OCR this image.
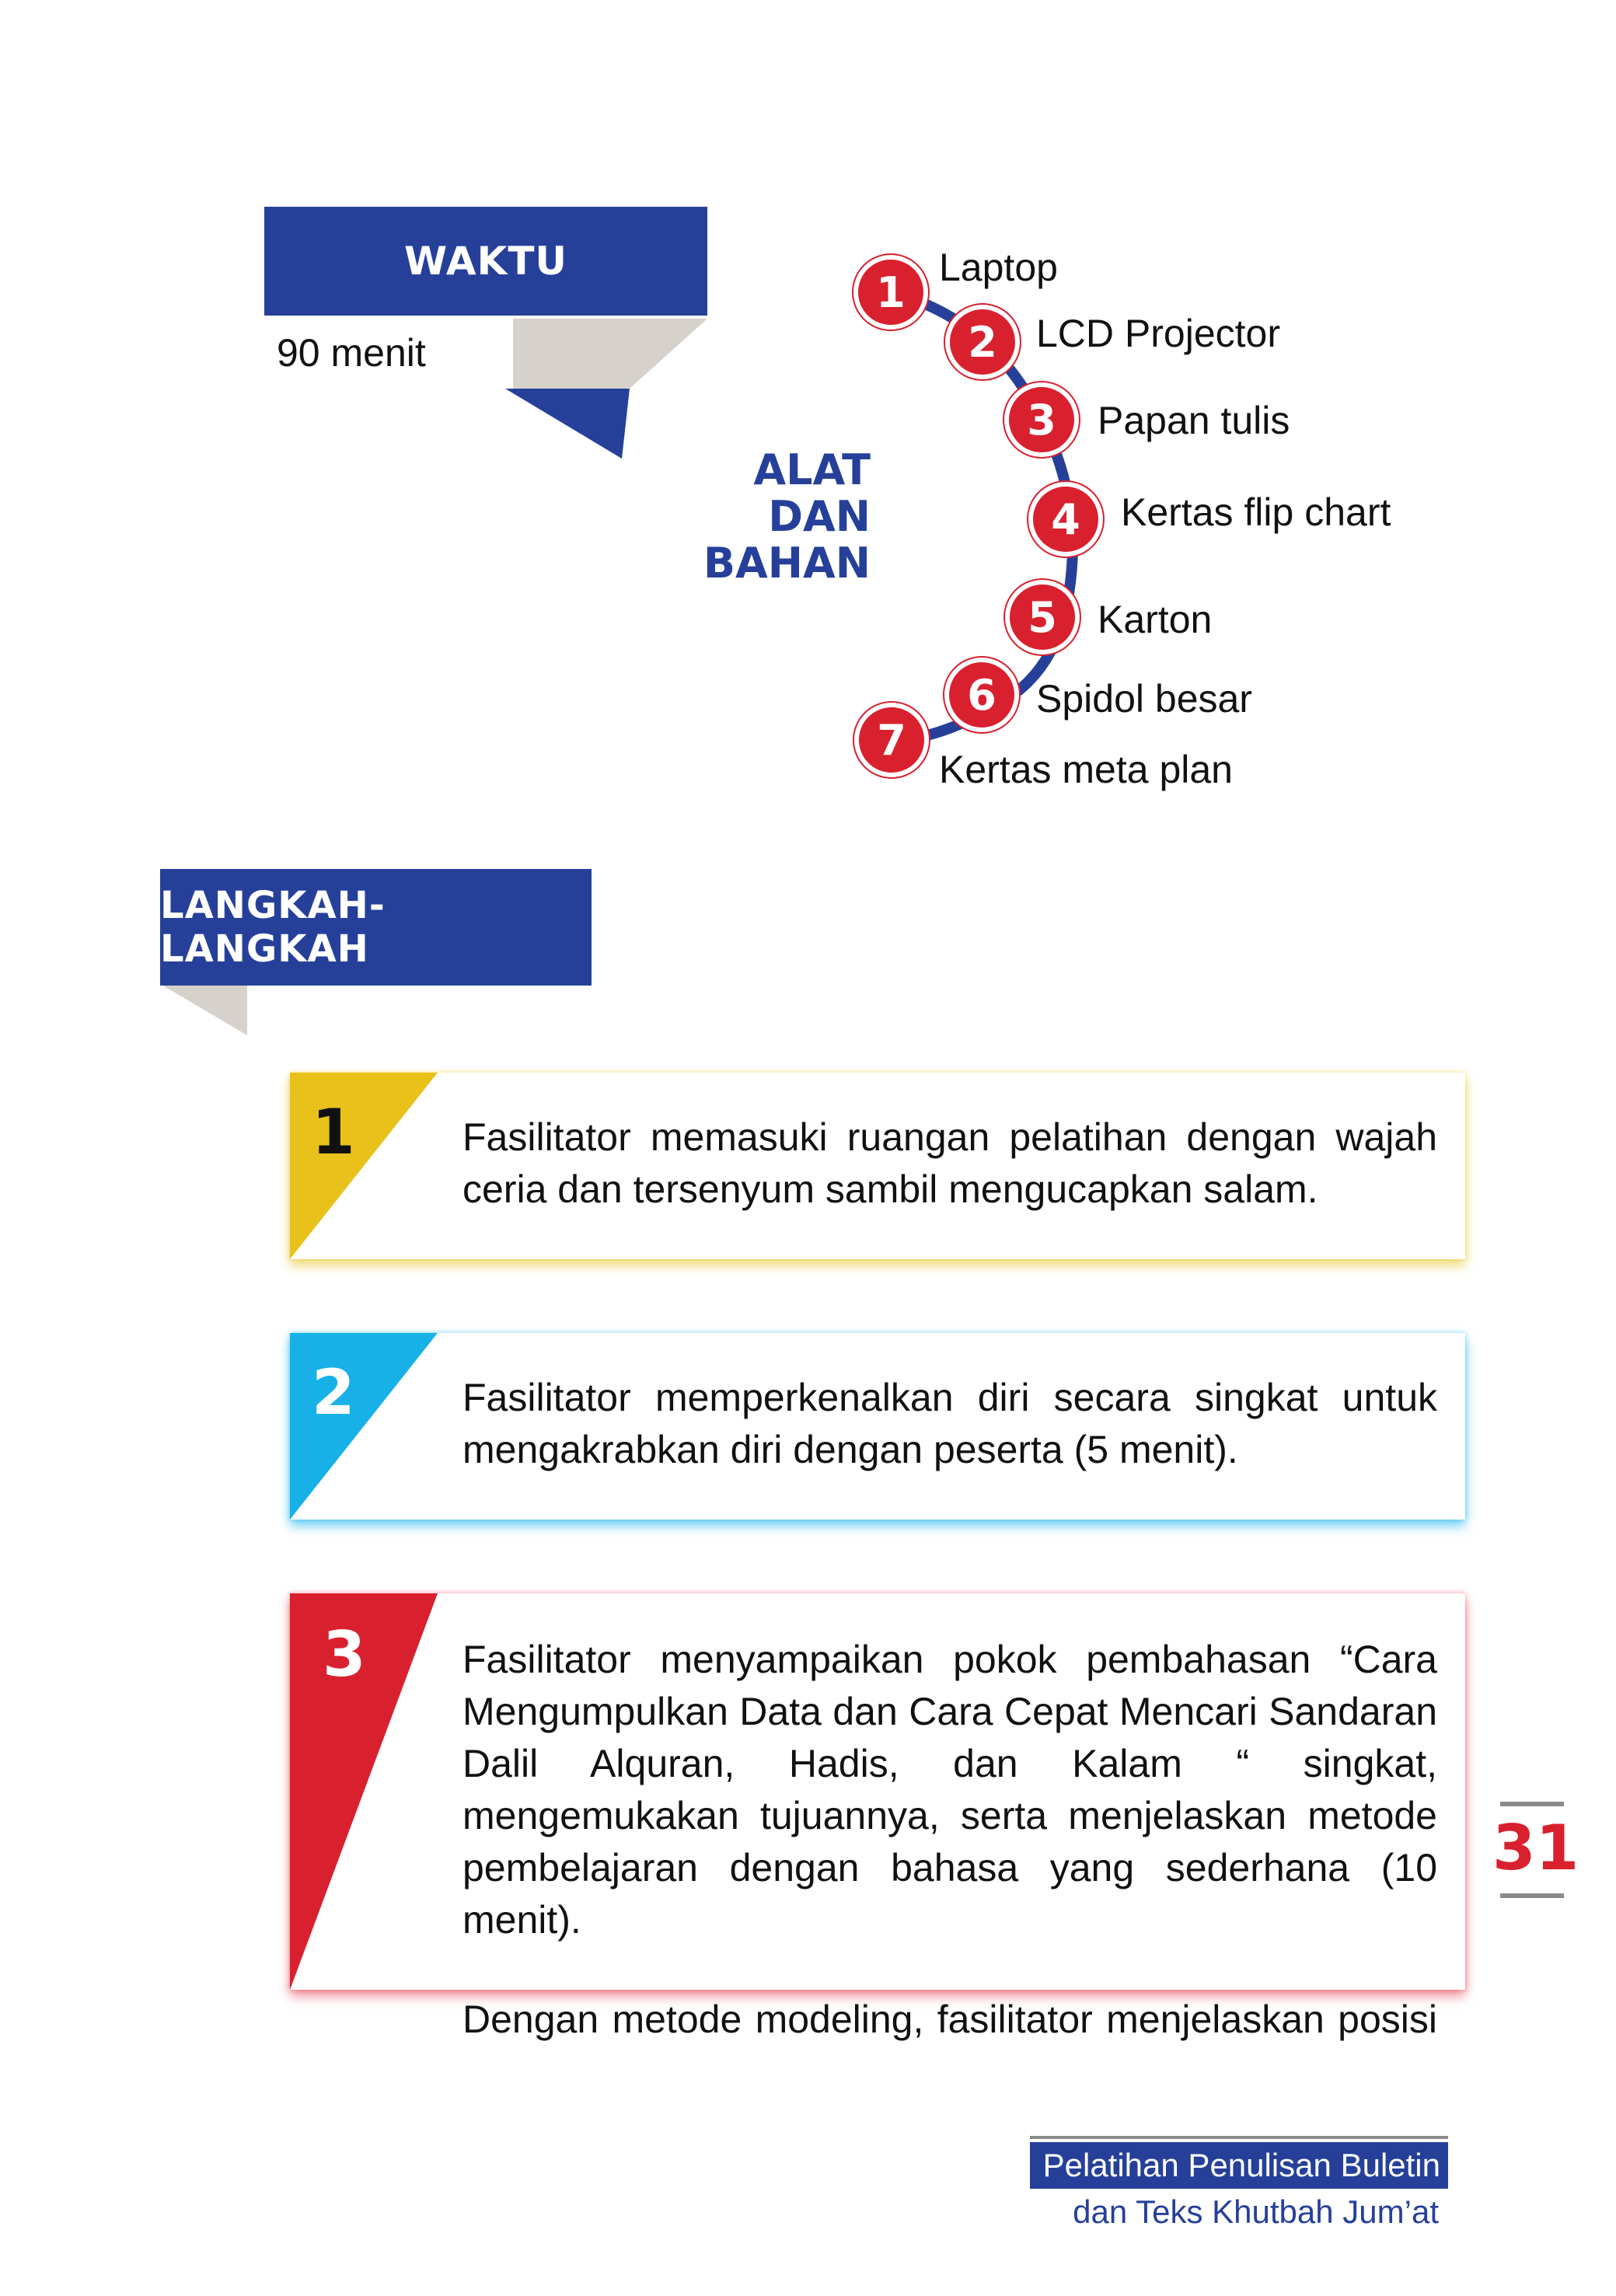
WAKTU
90 menit
ALAT
DAN
BAHAN
1
Laptop
2	LCD Projector
3	Papan tulis
4	Kertas flip chart
5	Karton
6	Spidol besar
7
Kertas meta plan
LANGKAH-LANGKAH
1	Fasilitator memasuki ruangan pelatihan dengan wajah ceria dan tersenyum sambil mengucapkan salam.
2	Fasilitator memperkenalkan diri secara singkat untuk mengakrabkan diri dengan peserta (5 menit).
3 Fasilitator menyampaikan pokok pembahasan “Cara Mengumpulkan Data dan Cara Cepat Mencari Sandaran Dalil Alquran, Hadis, dan Kalam “ singkat, mengemukakan tujuannya, serta menjelaskan metode pembelajaran dengan bahasa yang sederhana (10 menit).
Dengan metode modeling, fasilitator menjelaskan posisi
31
Pelatihan Penulisan Buletin
dan Teks Khutbah Jum’at
